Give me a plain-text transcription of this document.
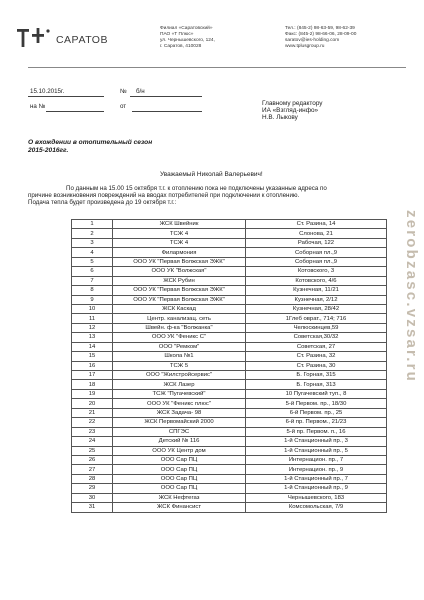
САРАТОВ
Филиал «Саратовский»
ПАО «Т Плюс»
ул. Чернышевского, 124,
г. Саратов, 410028
Тел.: (845-2) 98-63-59, 98-62-39
Факс: (845-2) 98-66-06, 28-09-00
saratov@ies-holding.com
www.tplusgroup.ru
15.10.2015г.	№ б/н
на №	от	Главному редактору
ИА «Взгляд-инфо»
Н.В. Лыкову
О вхождении в отопительный сезон
2015-2016гг.
Уважаемый Николай Валерьевич!
По данным на 15.00 15 октября т.г. к отоплению пока не подключены указанные адреса по
причине возникновения повреждений на вводах потребителей при подключении к отоплению.
Подача тепла будет произведена до 19 октября т.г.:
1	ЖСК Швейник	Ст. Разина, 14
2	ТСЖ 4	Слонова, 21
3	ТСЖ 4	Рабочая, 122
4	Филармония	Соборная пл.,9
5	ООО УК "Первая Волжская ЭЖК"	Соборная пл.,9
6	ООО УК "Волжская"	Котовского, 3
7	ЖСК Рубин	Котовского, 4/6
8	ООО УК "Первая Волжская ЭЖК"	Кузнечная, 11/21
9	ООО УК "Первая Волжская ЭЖК"	Кузнечная, 2/12
10	ЖСК Каскад	Кузнечная, 28/42
11	Центр. канализац. сеть	1Глеб оврат., 714; 716
12	Швейн. ф-ка "Волжанка"	Челюскинцев,59
13	ООО УК "Феникс С"	Советская,30/32
14	ООО "Ремком"	Советская, 27
15	Школа №1	Ст. Разина, 32
16	ТСЖ 5	Ст. Разина, 30
17	ООО "Жилстройсервис"	Б. Горная, 315
18	ЖСК Лазер	Б. Горная, 313
19	ТСЖ "Пугачевский"	10 Пугачевский туп., 8
20	ООО УК "Феникс плюс"	5-й Первом. пр., 18/30
21	ЖСК Задача- 98	6-й Первом. пр., 25
22	ЖСК Первомайский 2000	6-й пр. Первом., 21/23
23	СПГЭС	5-й пр. Первом. п., 16
24	Детский № 116	1-й Станционный пр., 3
25	ООО УК Центр дом	1-й Станционный пр., 5
26	ООО Сар ПЦ	Интернацион. пр., 7
27	ООО Сар ПЦ	Интернацион. пр., 9
28	ООО Сар ПЦ	1-й Станционный пр., 7
29	ООО Сар ПЦ	1-й Станционный пр., 9
30	ЖСК Нефтегаз	Чернышевского, 183
31	ЖСК Финансист	Комсомольская, 7/9
zerobzasc.vzsar.ru
